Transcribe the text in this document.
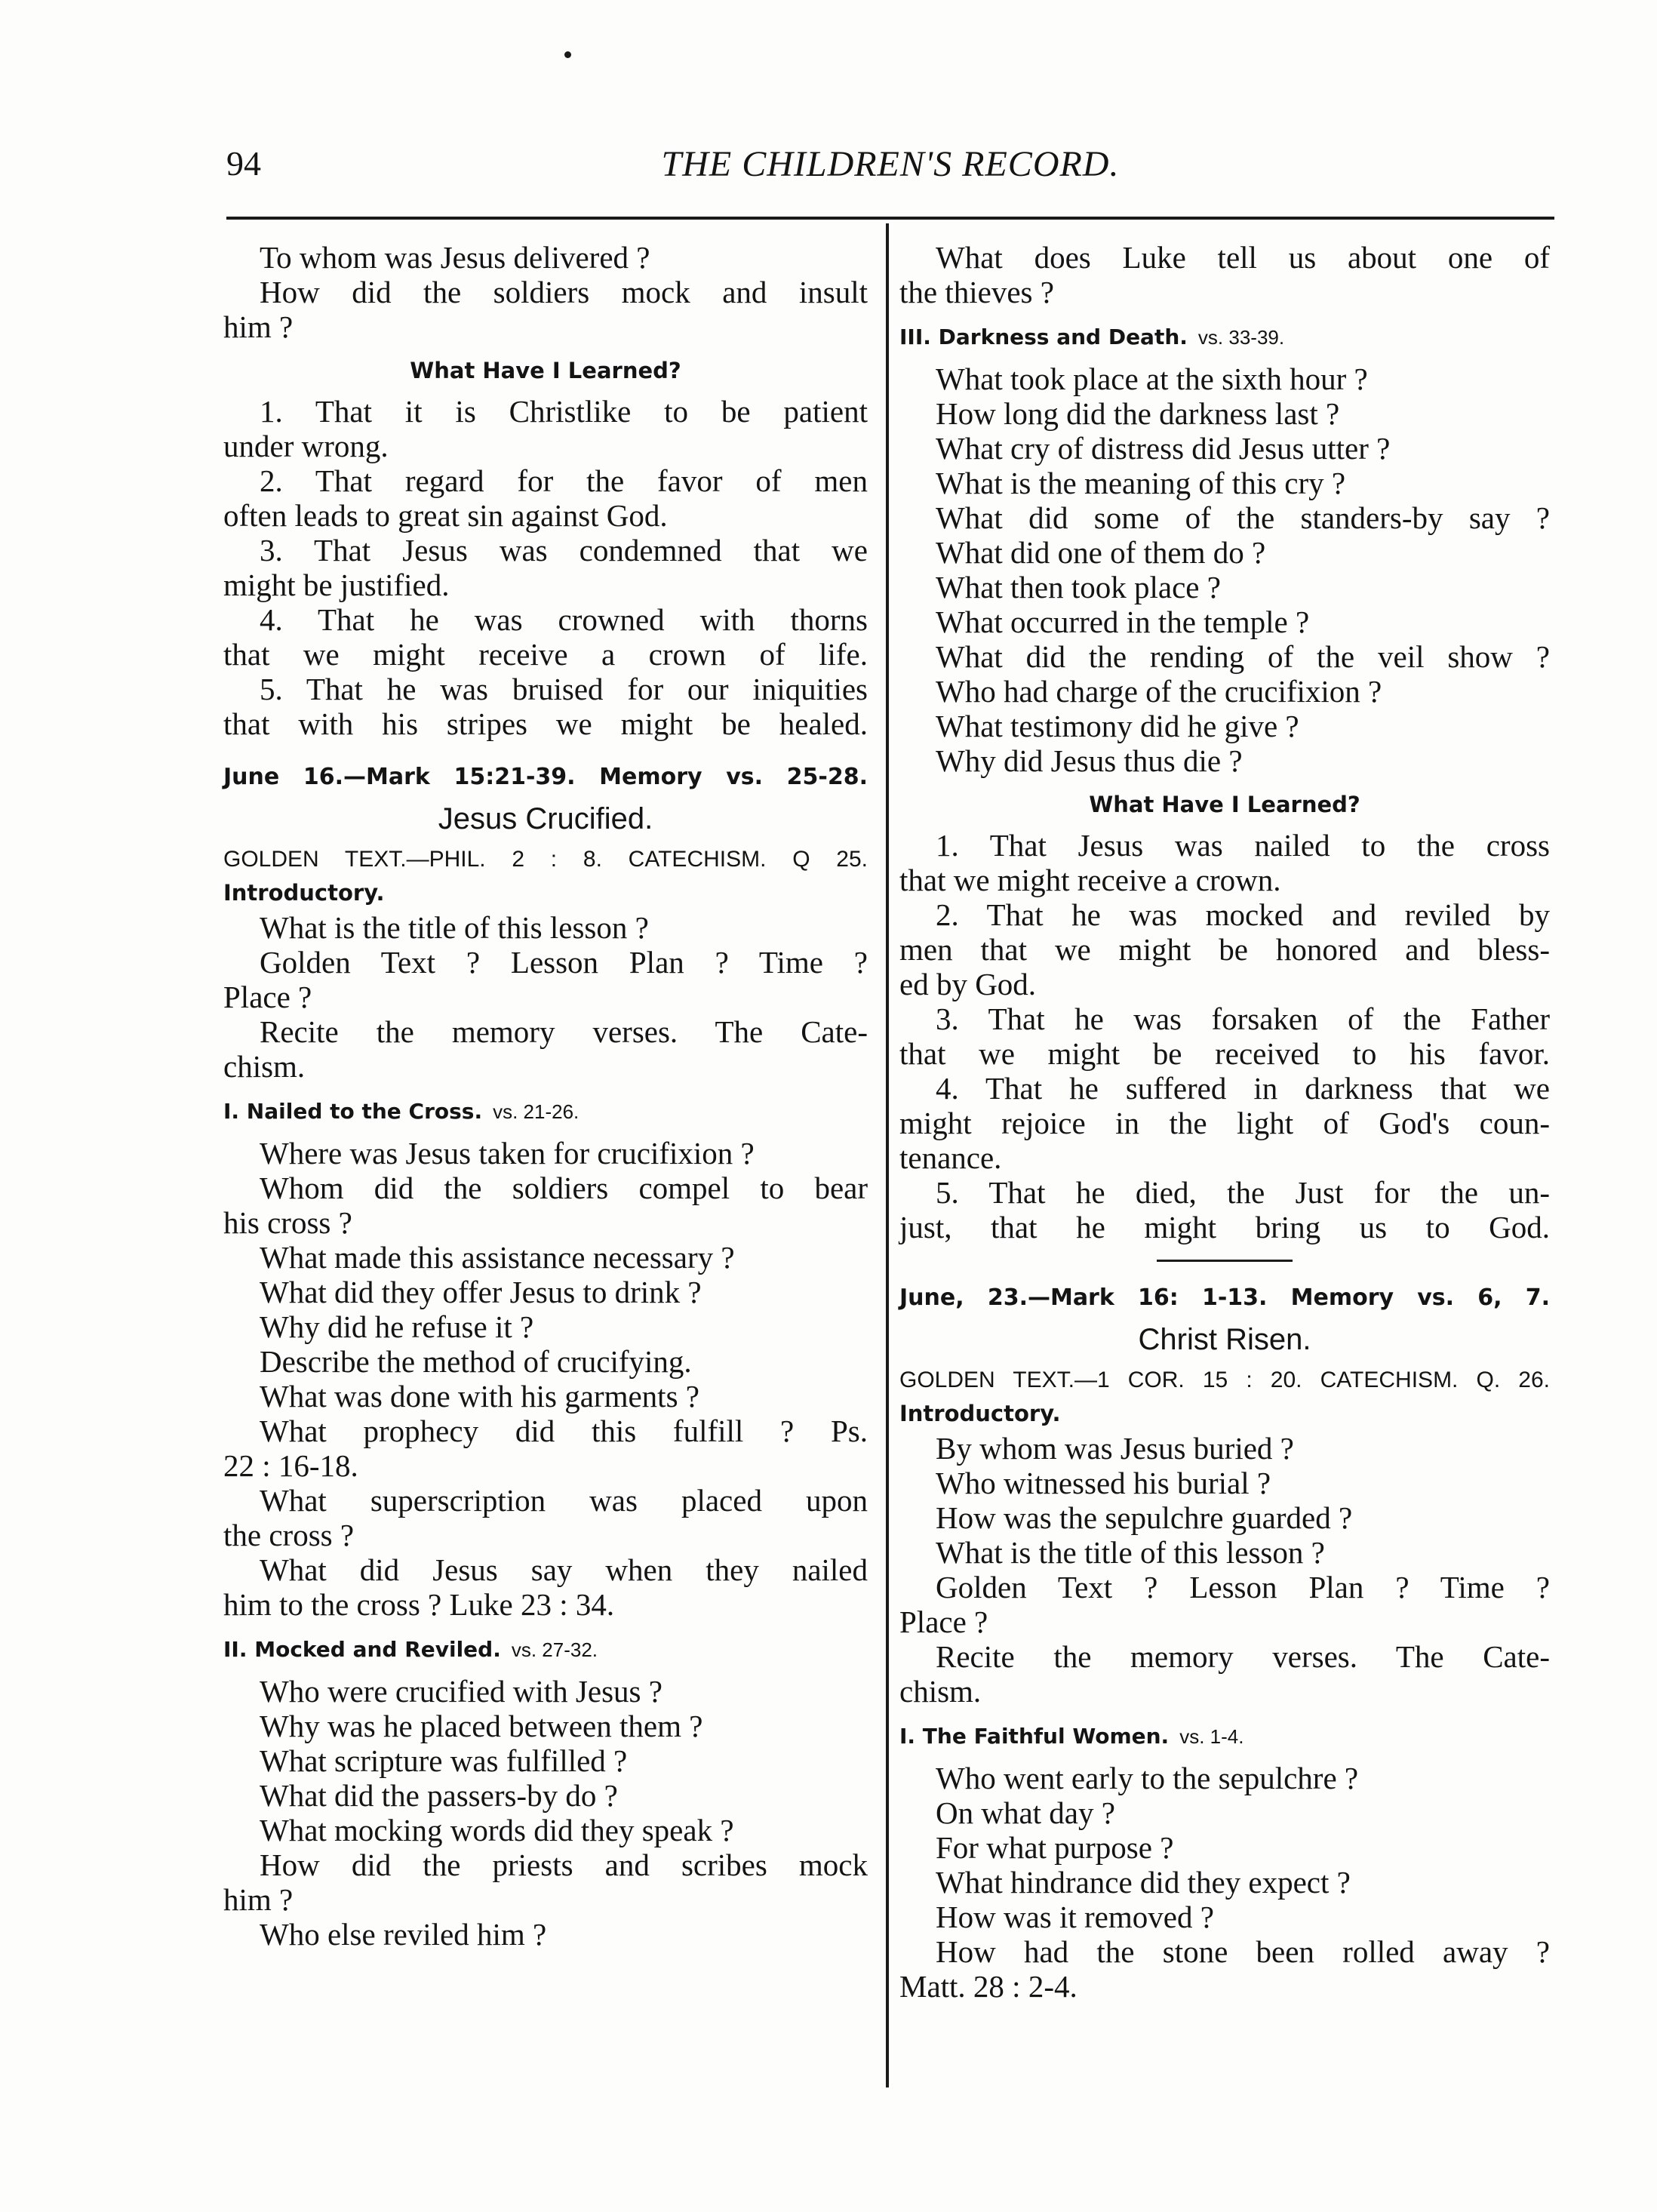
94	THE CHILDREN'S RECORD.
To whom was Jesus delivered ?
How did the soldiers mock and insult
him ?
What Have I Learned?
1. That it is Christlike to be patient
under wrong.
2. That regard for the favor of men
often leads to great sin against God.
3. That Jesus was condemned that we
might be justified.
4. That he was crowned with thorns
that we might receive a crown of life.
5. That he was bruised for our iniquities
that with his stripes we might be healed.
June 16.—Mark 15:21-39. Memory vs. 25-28.
Jesus Crucified.
GOLDEN TEXT.—PHIL. 2 : 8. CATECHISM. Q 25.
Introductory.
What is the title of this lesson ?
Golden Text ? Lesson Plan ? Time ?
Place ?
Recite the memory verses. The Cate-
chism.
I. Nailed to the Cross. vs. 21-26.
Where was Jesus taken for crucifixion ?
Whom did the soldiers compel to bear
his cross ?
What made this assistance necessary ?
What did they offer Jesus to drink ?
Why did he refuse it ?
Describe the method of crucifying.
What was done with his garments ?
What prophecy did this fulfill ? Ps.
22 : 16-18.
What superscription was placed upon
the cross ?
What did Jesus say when they nailed
him to the cross ? Luke 23 : 34.
II. Mocked and Reviled. vs. 27-32.
Who were crucified with Jesus ?
Why was he placed between them ?
What scripture was fulfilled ?
What did the passers-by do ?
What mocking words did they speak ?
How did the priests and scribes mock
him ?
Who else reviled him ?
What does Luke tell us about one of
the thieves ?
III. Darkness and Death. vs. 33-39.
What took place at the sixth hour ?
How long did the darkness last ?
What cry of distress did Jesus utter ?
What is the meaning of this cry ?
What did some of the standers-by say ?
What did one of them do ?
What then took place ?
What occurred in the temple ?
What did the rending of the veil show ?
Who had charge of the crucifixion ?
What testimony did he give ?
Why did Jesus thus die ?
What Have I Learned?
1. That Jesus was nailed to the cross
that we might receive a crown.
2. That he was mocked and reviled by
men that we might be honored and bless-
ed by God.
3. That he was forsaken of the Father
that we might be received to his favor.
4. That he suffered in darkness that we
might rejoice in the light of God's coun-
tenance.
5. That he died, the Just for the un-
just, that he might bring us to God.
June, 23.—Mark 16: 1-13. Memory vs. 6, 7.
Christ Risen.
GOLDEN TEXT.—1 COR. 15 : 20. CATECHISM. Q. 26.
Introductory.
By whom was Jesus buried ?
Who witnessed his burial ?
How was the sepulchre guarded ?
What is the title of this lesson ?
Golden Text ? Lesson Plan ? Time ?
Place ?
Recite the memory verses. The Cate-
chism.
I. The Faithful Women. vs. 1-4.
Who went early to the sepulchre ?
On what day ?
For what purpose ?
What hindrance did they expect ?
How was it removed ?
How had the stone been rolled away ?
Matt. 28 : 2-4.
